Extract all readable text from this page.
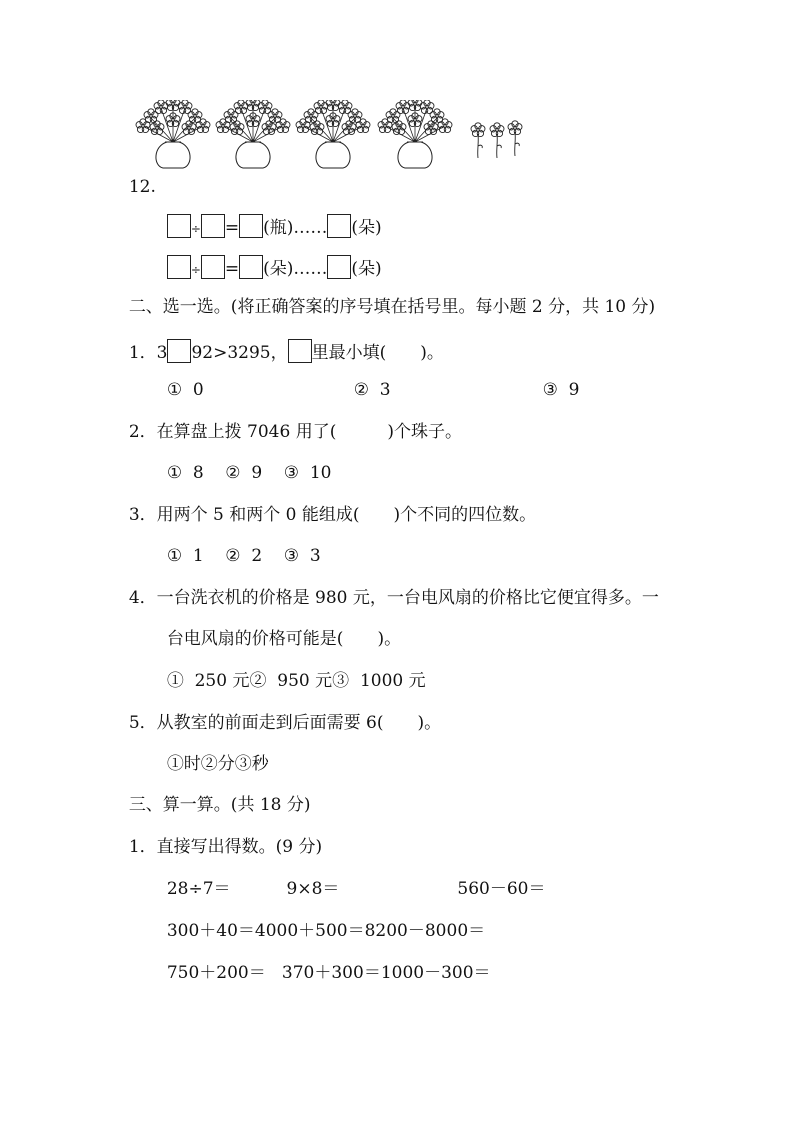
12.

÷ = (瓶)…… (朵)

÷ = (朵)…… (朵)

二、选一选。(将正确答案的序号填在括号里。每小题 2 分，共 10 分)

1．3 92>3295， 里最小填(　　)。

①  0	②  3	③  9

2．在算盘上拨 7046 用了(　　　)个珠子。

①  8    ②  9    ③  10

3．用两个 5 和两个 0 能组成(　　)个不同的四位数。

①  1    ②  2    ③  3

4．一台洗衣机的价格是 980 元，一台电风扇的价格比它便宜得多。一

台电风扇的价格可能是(　　)。

①  250 元②  950 元③  1000 元

5．从教室的前面走到后面需要 6(　　)。

①时②分③秒

三、算一算。(共 18 分)

1．直接写出得数。(9 分)

28÷7＝	9×8＝	560－60＝

300＋40＝4000＋500＝8200－8000＝

750＋200＝   370＋300＝1000－300＝
